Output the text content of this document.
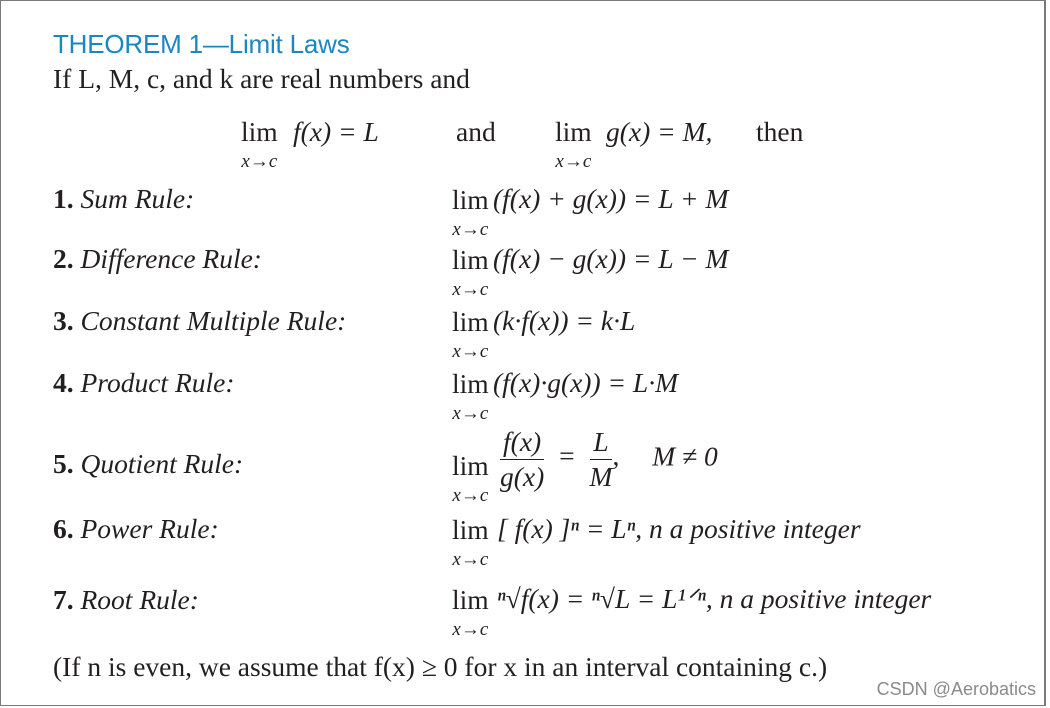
THEOREM 1—Limit Laws
If L, M, c, and k are real numbers and
lim
x→c
f(x) = L	and lim
x→c
g(x) = M, then
1. Sum Rule:	lim
x→c
(f(x) + g(x)) = L + M
2. Difference Rule:	lim
x→c
(f(x) − g(x)) = L − M
3. Constant Multiple Rule:	lim
x→c
(k·f(x)) = k·L
4. Product Rule:	lim
x→c
(f(x)·g(x)) = L·M
5. Quotient Rule:	lim
x→c
$\frac{f(x)}{g(x)} = \frac{L}{M}$ , M ≠ 0
6. Power Rule:	lim
x→c
[ f(x) ]ⁿ = Lⁿ, n a positive integer
7. Root Rule:	lim
x→c
ⁿ√f(x) = ⁿ√L = L¹ᐟⁿ, n a positive integer
(If n is even, we assume that f(x) ≥ 0 for x in an interval containing c.)
CSDN @Aerobatics
